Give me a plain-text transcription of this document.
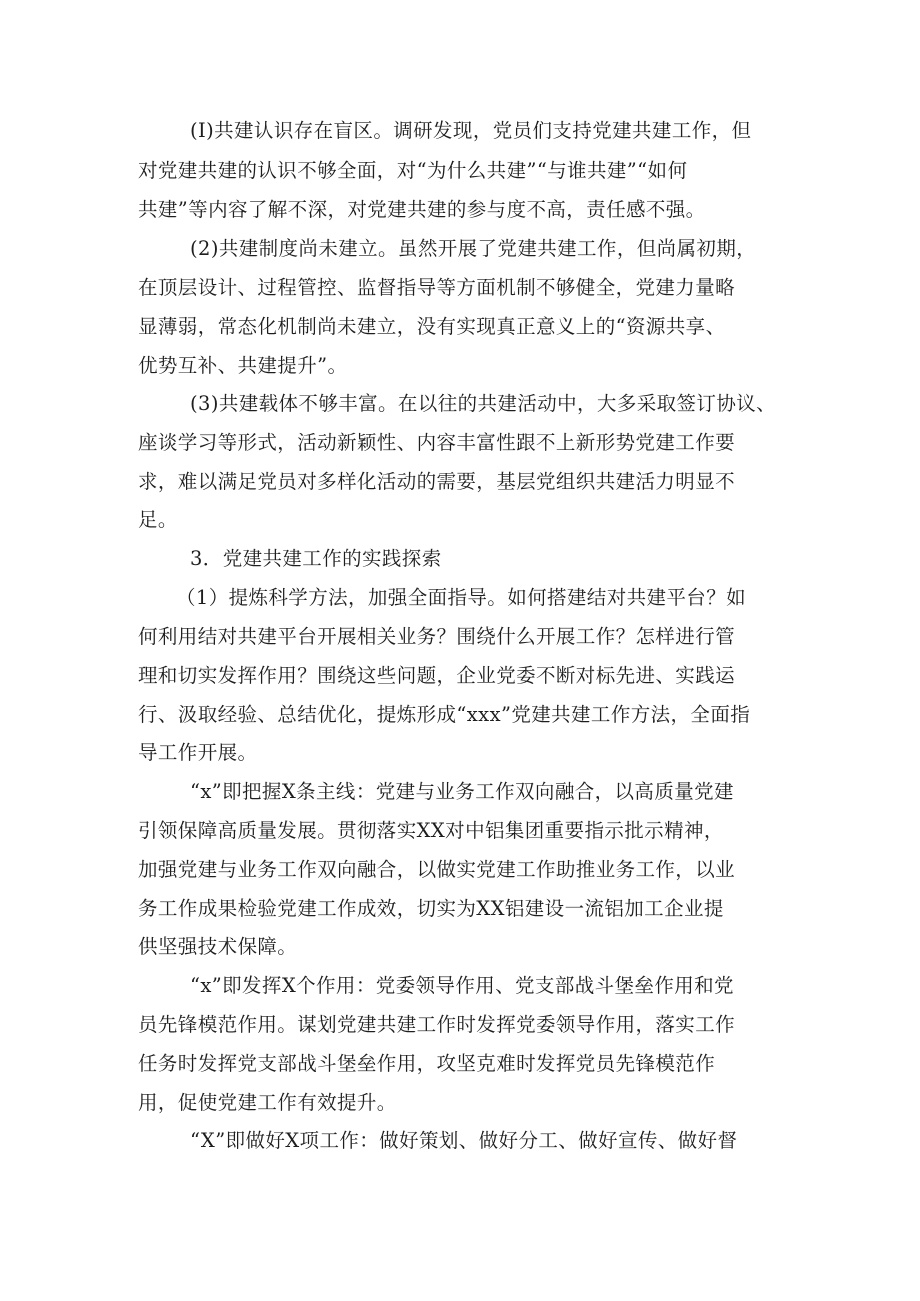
(I)共建认识存在盲区。调研发现，党员们支持党建共建工作，但
对党建共建的认识不够全面，对“为什么共建”“与谁共建”“如何
共建”等内容了解不深，对党建共建的参与度不高，责任感不强。
(2)共建制度尚未建立。虽然开展了党建共建工作，但尚属初期，
在顶层设计、过程管控、监督指导等方面机制不够健全，党建力量略
显薄弱，常态化机制尚未建立，没有实现真正意义上的“资源共享、
优势互补、共建提升”。
(3)共建载体不够丰富。在以往的共建活动中，大多采取签订协议、
座谈学习等形式，活动新颖性、内容丰富性跟不上新形势党建工作要
求，难以满足党员对多样化活动的需要，基层党组织共建活力明显不
足。
3．党建共建工作的实践探索
（1）提炼科学方法，加强全面指导。如何搭建结对共建平台？如
何利用结对共建平台开展相关业务？围绕什么开展工作？怎样进行管
理和切实发挥作用？围绕这些问题，企业党委不断对标先进、实践运
行、汲取经验、总结优化，提炼形成“xxx”党建共建工作方法，全面指
导工作开展。
“x”即把握X条主线：党建与业务工作双向融合，以高质量党建
引领保障高质量发展。贯彻落实XX对中铝集团重要指示批示精神，
加强党建与业务工作双向融合，以做实党建工作助推业务工作，以业
务工作成果检验党建工作成效，切实为XX铝建设一流铝加工企业提
供坚强技术保障。
“x”即发挥X个作用：党委领导作用、党支部战斗堡垒作用和党
员先锋模范作用。谋划党建共建工作时发挥党委领导作用，落实工作
任务时发挥党支部战斗堡垒作用，攻坚克难时发挥党员先锋模范作
用，促使党建工作有效提升。
“X”即做好X项工作：做好策划、做好分工、做好宣传、做好督
